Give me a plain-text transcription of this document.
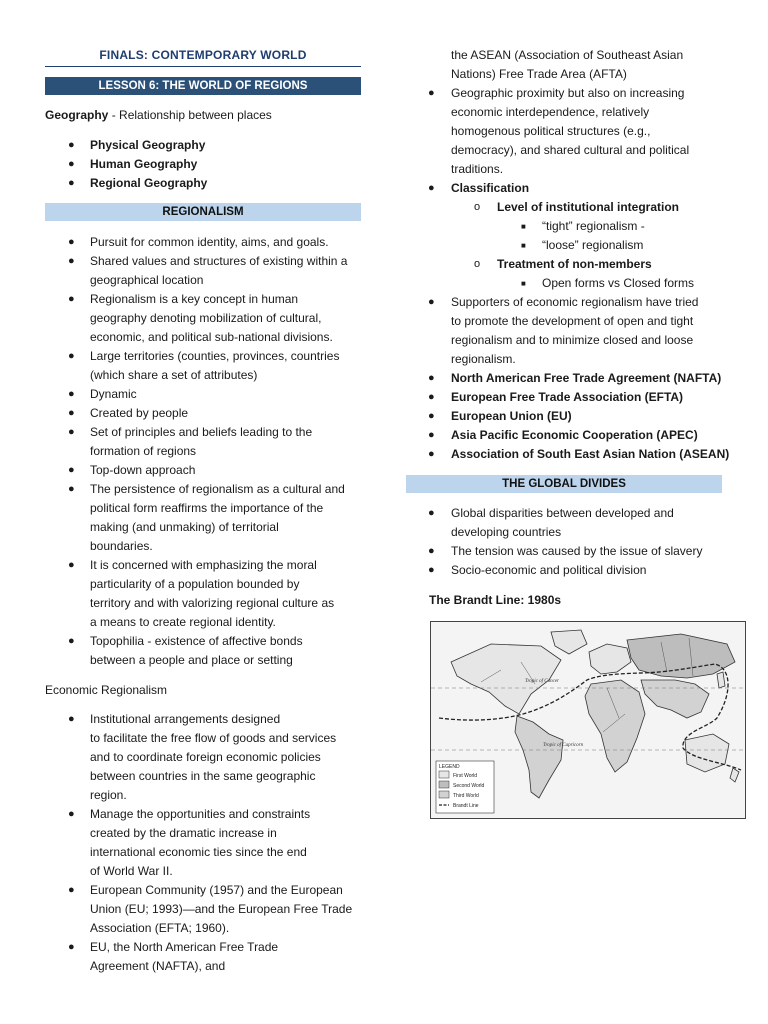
FINALS: CONTEMPORARY WORLD
LESSON 6: THE WORLD OF REGIONS
Geography - Relationship between places
● Physical Geography
● Human Geography
● Regional Geography
REGIONALISM
● Pursuit for common identity, aims, and goals.
● Shared values and structures of existing within a
geographical location
● Regionalism is a key concept in human
geography denoting mobilization of cultural,
economic, and political sub-national divisions.
● Large territories (counties, provinces, countries
(which share a set of attributes)
● Dynamic
● Created by people
● Set of principles and beliefs leading to the
formation of regions
● Top-down approach
● The persistence of regionalism as a cultural and
political form reaffirms the importance of the
making (and unmaking) of territorial
boundaries.
● It is concerned with emphasizing the moral
particularity of a population bounded by
territory and with valorizing regional culture as
a means to create regional identity.
● Topophilia - existence of affective bonds
between a people and place or setting
Economic Regionalism
● Institutional arrangements designed
to facilitate the free flow of goods and services
and to coordinate foreign economic policies
between countries in the same geographic
region.
● Manage the opportunities and constraints
created by the dramatic increase in
international economic ties since the end
of World War II.
● European Community (1957) and the European
Union (EU; 1993)—and the European Free Trade
Association (EFTA; 1960).
● EU, the North American Free Trade
Agreement (NAFTA), and
the ASEAN (Association of Southeast Asian
Nations) Free Trade Area (AFTA)
● Geographic proximity but also on increasing
economic interdependence, relatively
homogenous political structures (e.g.,
democracy), and shared cultural and political
traditions.
● Classification
o Level of institutional integration
■ “tight” regionalism -
■ “loose” regionalism
o Treatment of non-members
■ Open forms vs Closed forms
● Supporters of economic regionalism have tried
to promote the development of open and tight
regionalism and to minimize closed and loose
regionalism.
● North American Free Trade Agreement (NAFTA)
● European Free Trade Association (EFTA)
● European Union (EU)
● Asia Pacific Economic Cooperation (APEC)
● Association of South East Asian Nation (ASEAN)
THE GLOBAL DIVIDES
● Global disparities between developed and
developing countries
● The tension was caused by the issue of slavery
● Socio-economic and political division
The Brandt Line: 1980s
Tropic of Cancer
Tropic of Capricorn
LEGEND
First World
Second World
Third World
Brandt Line
